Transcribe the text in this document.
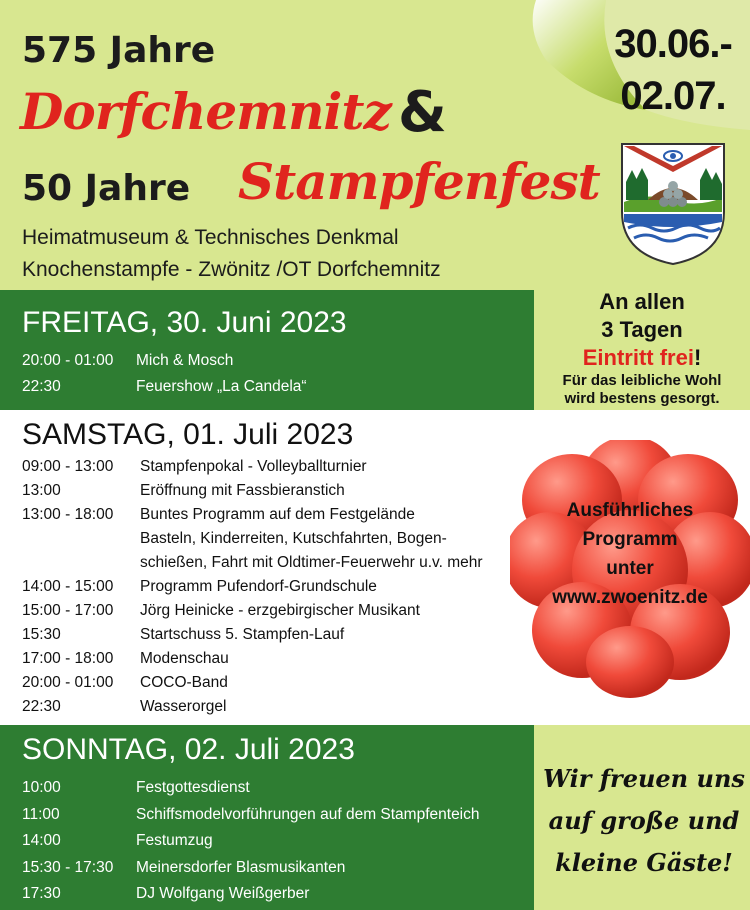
575 Jahre
Dorfchemnitz &
50 Jahre Stampfenfest
Heimatmuseum & Technisches Denkmal
Knochenstampfe - Zwönitz /OT Dorfchemnitz
30.06.-
02.07.
FREITAG, 30. Juni 2023
20:00 - 01:00 Mich & Mosch
22:30	Feuershow „La Candela“
An allen
3 Tagen
Eintritt frei!
Für das leibliche Wohl
wird bestens gesorgt.
SAMSTAG, 01. Juli 2023
09:00 - 13:00 Stampfenpokal - Volleyballturnier
13:00	Eröffnung mit Fassbieranstich
13:00 - 18:00 Buntes Programm auf dem Festgelände
Basteln, Kinderreiten, Kutschfahrten, Bogen-
schießen, Fahrt mit Oldtimer-Feuerwehr u.v. mehr
14:00 - 15:00 Programm Pufendorf-Grundschule
15:00 - 17:00 Jörg Heinicke - erzgebirgischer Musikant
15:30	Startschuss 5. Stampfen-Lauf
17:00 - 18:00 Modenschau
20:00 - 01:00 COCO-Band
22:30	Wasserorgel
Ausführliches
Programm
unter
www.zwoenitz.de
SONNTAG, 02. Juli 2023
10:00	Festgottesdienst
11:00	Schiffsmodelvorführungen auf dem Stampfenteich
14:00	Festumzug
15:30 - 17:30 Meinersdorfer Blasmusikanten
17:30	DJ Wolfgang Weißgerber
Wir freuen uns
auf große und
kleine Gäste!
